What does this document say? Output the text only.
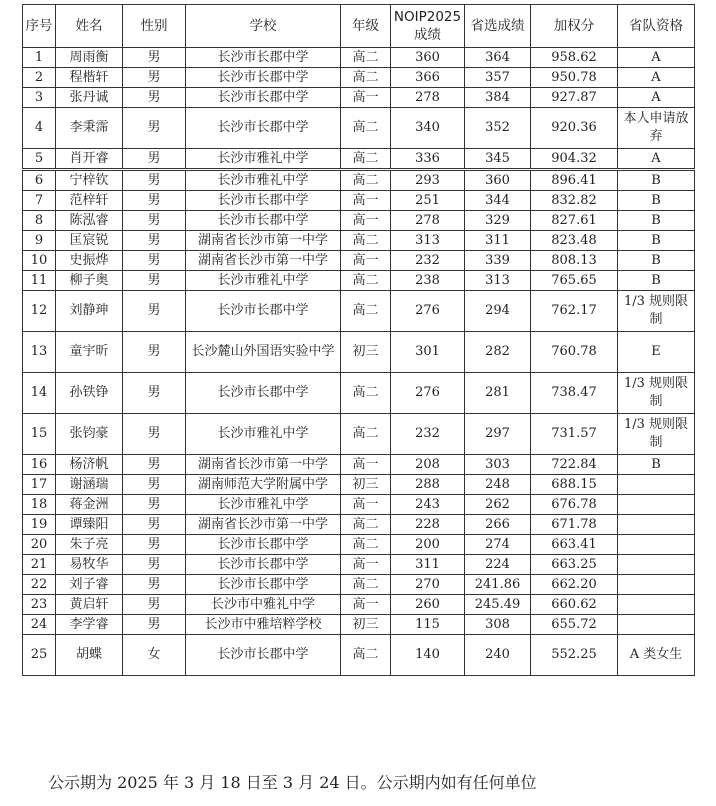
序号	姓名	性别	学校	年级	NOIP2025成绩	省选成绩	加权分	省队资格
1	周雨衡	男	长沙市长郡中学	高二	360	364	958.62	A
2	程楷轩	男	长沙市长郡中学	高二	366	357	950.78	A
3	张丹诚	男	长沙市长郡中学	高一	278	384	927.87	A
4	李秉霈	男	长沙市长郡中学	高二	340	352	920.36	本人申请放弃
5	肖开睿	男	长沙市雅礼中学	高二	336	345	904.32	A
6	宁梓钦	男	长沙市雅礼中学	高二	293	360	896.41	B
7	范梓轩	男	长沙市长郡中学	高一	251	344	832.82	B
8	陈泓睿	男	长沙市长郡中学	高一	278	329	827.61	B
9	匡宸锐	男	湖南省长沙市第一中学	高二	313	311	823.48	B
10	史振烨	男	湖南省长沙市第一中学	高一	232	339	808.13	B
11	柳子奥	男	长沙市雅礼中学	高二	238	313	765.65	B
12	刘静珅	男	长沙市长郡中学	高二	276	294	762.17	1/3 规则限制
13	童宇昕	男	长沙麓山外国语实验中学	初三	301	282	760.78	E
14	孙铁铮	男	长沙市长郡中学	高二	276	281	738.47	1/3 规则限制
15	张钧豪	男	长沙市雅礼中学	高二	232	297	731.57	1/3 规则限制
16	杨济帆	男	湖南省长沙市第一中学	高一	208	303	722.84	B
17	谢涵瑞	男	湖南师范大学附属中学	初三	288	248	688.15	
18	蒋金洲	男	长沙市雅礼中学	高一	243	262	676.78	
19	谭臻阳	男	湖南省长沙市第一中学	高二	228	266	671.78	
20	朱子亮	男	长沙市长郡中学	高二	200	274	663.41	
21	易牧华	男	长沙市长郡中学	高一	311	224	663.25	
22	刘子睿	男	长沙市长郡中学	高二	270	241.86	662.20	
23	黄启轩	男	长沙市中雅礼中学	高一	260	245.49	660.62	
24	李学睿	男	长沙市中雅培粹学校	初三	115	308	655.72	
25	胡蝶	女	长沙市长郡中学	高二	140	240	552.25	A 类女生
公示期为 2025 年 3 月 18 日至 3 月 24 日。公示期内如有任何单位
